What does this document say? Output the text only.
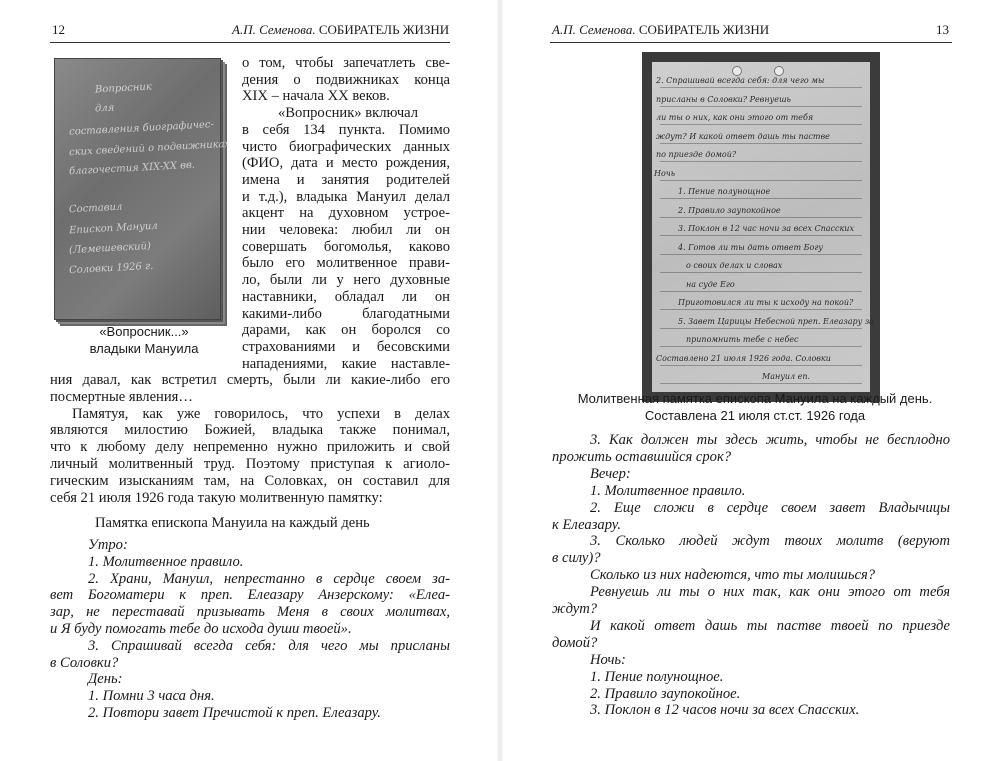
12	А.П. Семенова. СОБИРАТЕЛЬ ЖИЗНИ
Вопросник
для
составления биографичес-
ских сведений о подвижниках
благочестия XIX-XX вв.
Составил
Епископ Мануил
(Лемешевский)
Соловки 1926 г.
«Вопросник...»
владыки Мануила
о том, чтобы запечатлеть све-
дения о подвижниках конца
XIX – начала XX веков.
«Вопросник» включал
в себя 134 пункта. Помимо
чисто биографических данных
(ФИО, дата и место рождения,
имена и занятия родителей
и т.д.), владыка Мануил делал
акцент на духовном устрое-
нии человека: любил ли он
совершать богомолья, каково
было его молитвенное прави-
ло, были ли у него духовные
наставники, обладал ли он
какими-либо благодатными
дарами, как он боролся со
страхованиями и бесовскими
нападениями, какие наставле-
ния давал, как встретил смерть, были ли какие-либо его
посмертные явления…
Памятуя, как уже говорилось, что успехи в делах
являются милостию Божией, владыка также понимал,
что к любому делу непременно нужно приложить и свой
личный молитвенный труд. Поэтому приступая к агиоло-
гическим изысканиям там, на Соловках, он составил для
себя 21 июля 1926 года такую молитвенную памятку:
Памятка епископа Мануила на каждый день
Утро:
1. Молитвенное правило.
2. Храни, Мануил, непрестанно в сердце своем за-
вет Богоматери к преп. Елеазару Анзерскому: «Елеа-
зар, не переставай призывать Меня в своих молитвах,
и Я буду помогать тебе до исхода души твоей».
3. Спрашивай всегда себя: для чего мы присланы
в Соловки?
День:
1. Помни 3 часа дня.
2. Повтори завет Пречистой к преп. Елеазару.
А.П. Семенова. СОБИРАТЕЛЬ ЖИЗНИ	13
2. Спрашивай всегда себя: для чего мы
присланы в Соловки? Ревнуешь
ли ты о них, как они этого от тебя
ждут? И какой ответ дашь ты пастве
по приезде домой?
Ночь
1. Пение полунощное
2. Правило заупокойное
3. Поклон в 12 час ночи за всех Спасских
4. Готов ли ты дать ответ Богу
о своих делах и словах
на суде Его
Приготовился ли ты к исходу на покой?
5. Завет Царицы Небесной преп. Елеазару за
припомнить тебе с небес
Составлено 21 июля 1926 года. Соловки
Мануил еп.
Молитвенная памятка епископа Мануила на каждый день.
Составлена 21 июля ст.ст. 1926 года
3. Как должен ты здесь жить, чтобы не бесплодно
прожить оставшийся срок?
Вечер:
1. Молитвенное правило.
2. Еще сложи в сердце своем завет Владычицы
к Елеазару.
3. Сколько людей ждут твоих молитв (веруют
в силу)?
Сколько из них надеются, что ты молишься?
Ревнуешь ли ты о них так, как они этого от тебя
ждут?
И какой ответ дашь ты пастве твоей по приезде
домой?
Ночь:
1. Пение полунощное.
2. Правило заупокойное.
3. Поклон в 12 часов ночи за всех Спасских.
